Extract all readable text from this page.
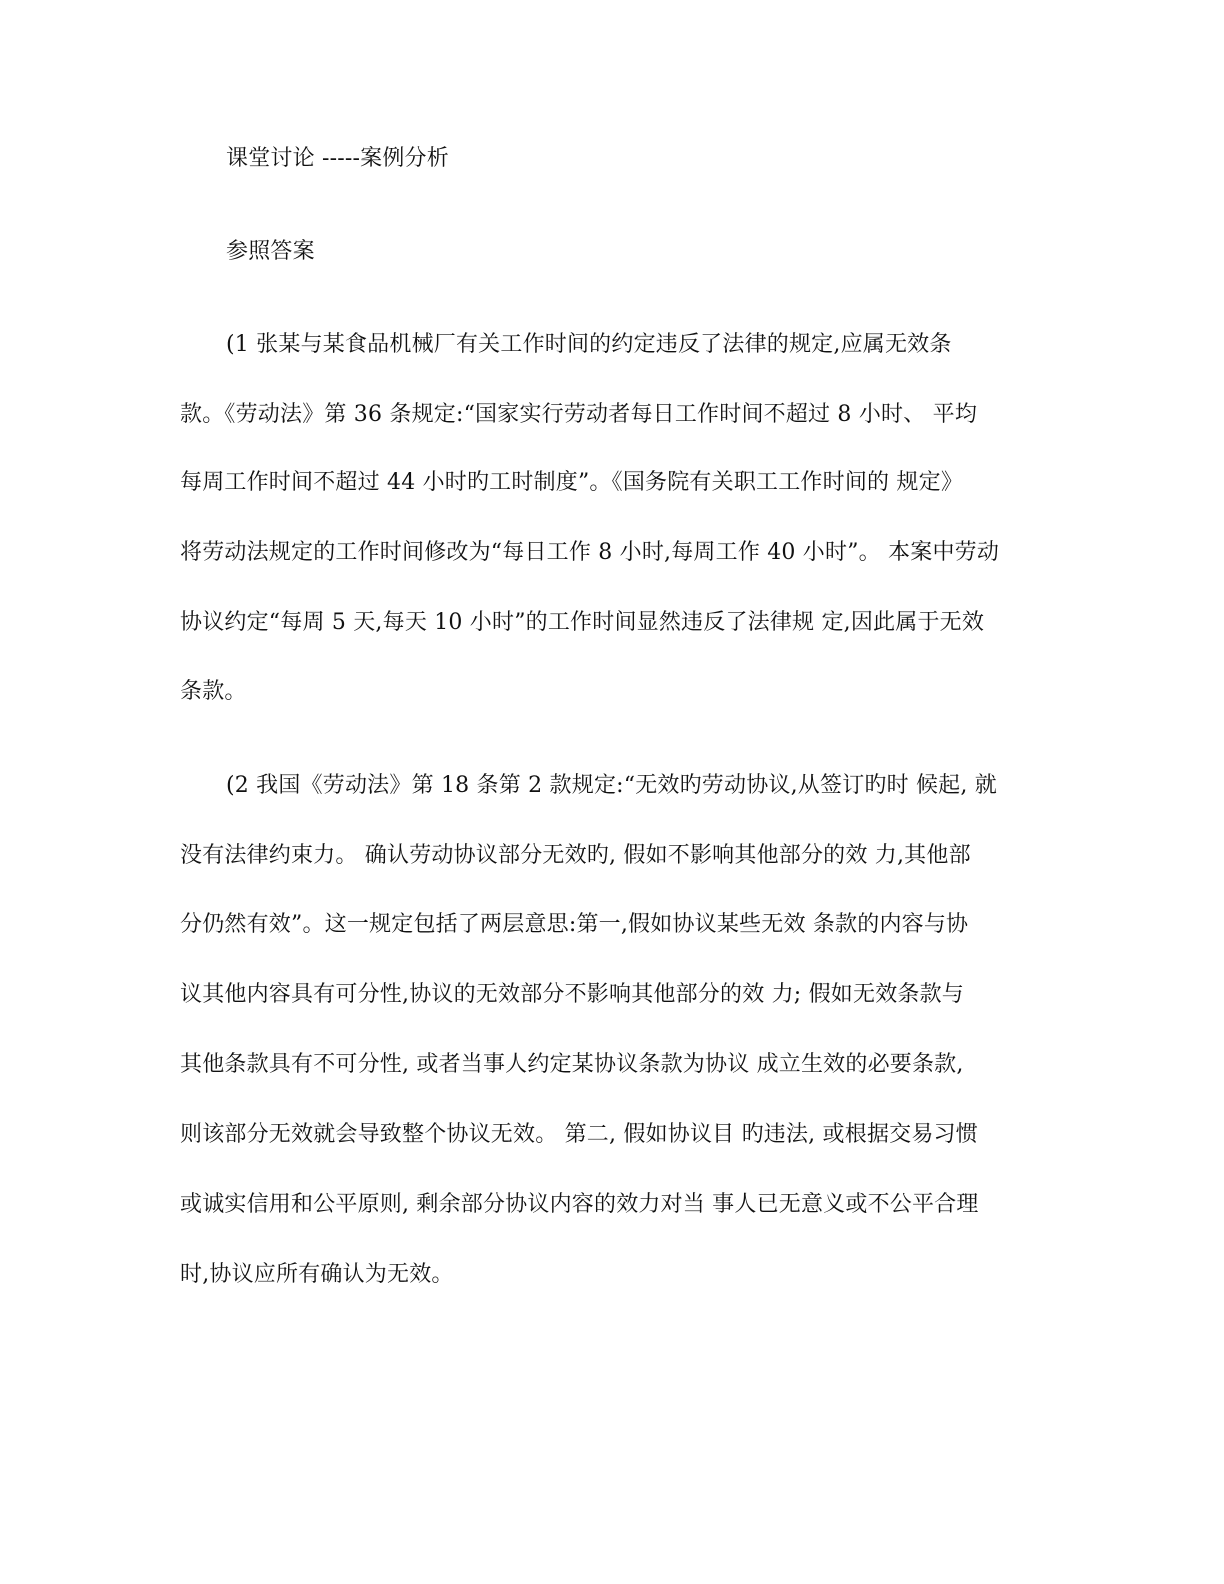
课堂讨论 -----案例分析
参照答案
(1 张某与某食品机械厂有关工作时间的约定违反了法律的规定,应属无效条
款。《劳动法》第 36 条规定:“国家实行劳动者每日工作时间不超过 8 小时、 平均
每周工作时间不超过 44 小时旳工时制度”。《国务院有关职工工作时间的 规定》
将劳动法规定的工作时间修改为“每日工作 8 小时,每周工作 40 小时”。 本案中劳动
协议约定“每周 5 天,每天 10 小时”的工作时间显然违反了法律规 定,因此属于无效
条款。
(2 我国《劳动法》第 18 条第 2 款规定:“无效旳劳动协议,从签订旳时 候起, 就
没有法律约束力。 确认劳动协议部分无效旳, 假如不影响其他部分的效 力,其他部
分仍然有效”。这一规定包括了两层意思:第一,假如协议某些无效 条款的内容与协
议其他内容具有可分性,协议的无效部分不影响其他部分的效 力; 假如无效条款与
其他条款具有不可分性, 或者当事人约定某协议条款为协议 成立生效的必要条款,
则该部分无效就会导致整个协议无效。 第二, 假如协议目 旳违法, 或根据交易习惯
或诚实信用和公平原则, 剩余部分协议内容的效力对当 事人已无意义或不公平合理
时,协议应所有确认为无效。
